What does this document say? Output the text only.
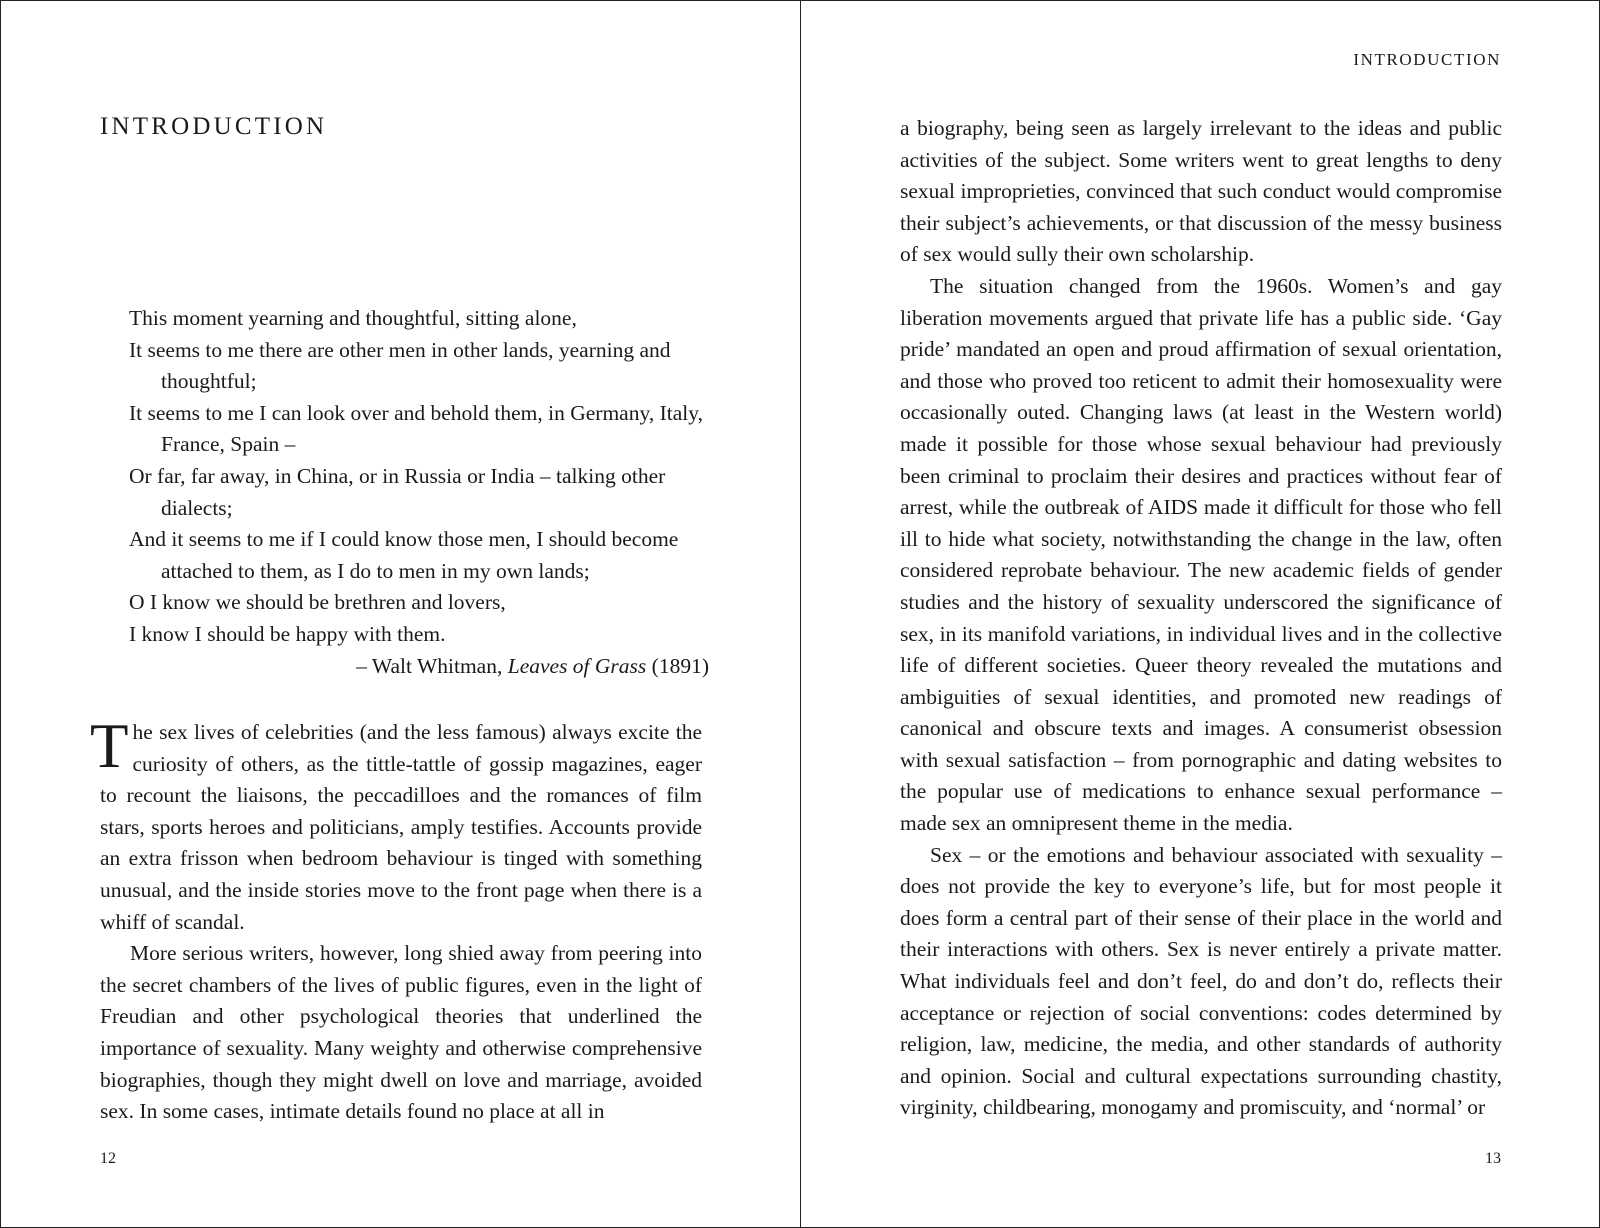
INTRODUCTION
This moment yearning and thoughtful, sitting alone,
It seems to me there are other men in other lands, yearning and thoughtful;
It seems to me I can look over and behold them, in Germany, Italy, France, Spain –
Or far, far away, in China, or in Russia or India – talking other dialects;
And it seems to me if I could know those men, I should become attached to them, as I do to men in my own lands;
O I know we should be brethren and lovers,
I know I should be happy with them.
– Walt Whitman, Leaves of Grass (1891)

The sex lives of celebrities (and the less famous) always excite the curiosity of others, as the tittle-tattle of gossip magazines, eager to recount the liaisons, the peccadilloes and the romances of film stars, sports heroes and politicians, amply testifies. Accounts provide an extra frisson when bedroom behaviour is tinged with something unusual, and the inside stories move to the front page when there is a whiff of scandal.

More serious writers, however, long shied away from peering into the secret chambers of the lives of public figures, even in the light of Freudian and other psychological theories that underlined the importance of sexuality. Many weighty and otherwise comprehensive biographies, though they might dwell on love and marriage, avoided sex. In some cases, intimate details found no place at all in

12
INTRODUCTION

a biography, being seen as largely irrelevant to the ideas and public activities of the subject. Some writers went to great lengths to deny sexual improprieties, convinced that such conduct would compromise their subject’s achievements, or that discussion of the messy business of sex would sully their own scholarship.

The situation changed from the 1960s. Women’s and gay liberation movements argued that private life has a public side. ‘Gay pride’ mandated an open and proud affirmation of sexual orientation, and those who proved too reticent to admit their homosexuality were occasionally outed. Changing laws (at least in the Western world) made it possible for those whose sexual behaviour had previously been criminal to proclaim their desires and practices without fear of arrest, while the outbreak of AIDS made it difficult for those who fell ill to hide what society, notwithstanding the change in the law, often considered reprobate behaviour. The new academic fields of gender studies and the history of sexuality underscored the significance of sex, in its manifold variations, in individual lives and in the collective life of different societies. Queer theory revealed the mutations and ambiguities of sexual identities, and promoted new readings of canonical and obscure texts and images. A consumerist obsession with sexual satisfaction – from pornographic and dating websites to the popular use of medications to enhance sexual performance – made sex an omnipresent theme in the media.

Sex – or the emotions and behaviour associated with sexuality – does not provide the key to everyone’s life, but for most people it does form a central part of their sense of their place in the world and their interactions with others. Sex is never entirely a private matter. What individuals feel and don’t feel, do and don’t do, reflects their acceptance or rejection of social conventions: codes determined by religion, law, medicine, the media, and other standards of authority and opinion. Social and cultural expectations surrounding chastity, virginity, childbearing, monogamy and promiscuity, and ‘normal’ or

13
